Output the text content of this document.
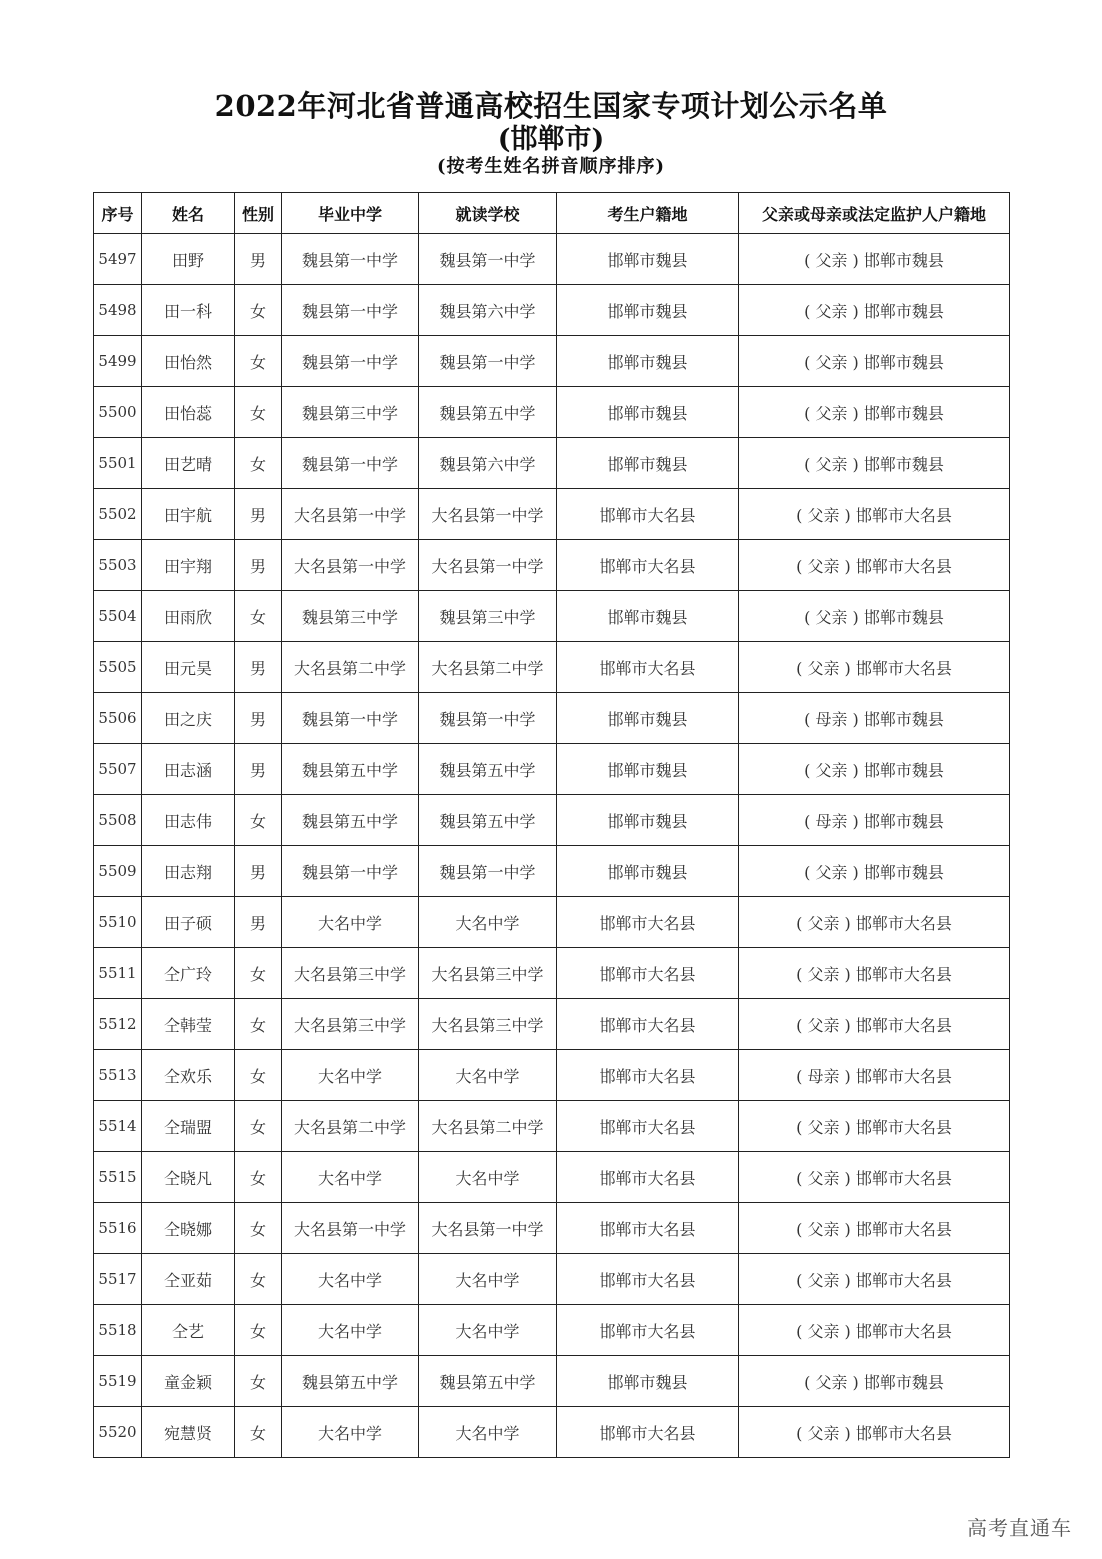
2022年河北省普通高校招生国家专项计划公示名单
(邯郸市)
(按考生姓名拼音顺序排序)
序号	姓名	性别	毕业中学	就读学校	考生户籍地	父亲或母亲或法定监护人户籍地
5497	田野	男	魏县第一中学	魏县第一中学	邯郸市魏县	( 父亲 ) 邯郸市魏县
5498	田一科	女	魏县第一中学	魏县第六中学	邯郸市魏县	( 父亲 ) 邯郸市魏县
5499	田怡然	女	魏县第一中学	魏县第一中学	邯郸市魏县	( 父亲 ) 邯郸市魏县
5500	田怡蕊	女	魏县第三中学	魏县第五中学	邯郸市魏县	( 父亲 ) 邯郸市魏县
5501	田艺晴	女	魏县第一中学	魏县第六中学	邯郸市魏县	( 父亲 ) 邯郸市魏县
5502	田宇航	男	大名县第一中学	大名县第一中学	邯郸市大名县	( 父亲 ) 邯郸市大名县
5503	田宇翔	男	大名县第一中学	大名县第一中学	邯郸市大名县	( 父亲 ) 邯郸市大名县
5504	田雨欣	女	魏县第三中学	魏县第三中学	邯郸市魏县	( 父亲 ) 邯郸市魏县
5505	田元昊	男	大名县第二中学	大名县第二中学	邯郸市大名县	( 父亲 ) 邯郸市大名县
5506	田之庆	男	魏县第一中学	魏县第一中学	邯郸市魏县	( 母亲 ) 邯郸市魏县
5507	田志涵	男	魏县第五中学	魏县第五中学	邯郸市魏县	( 父亲 ) 邯郸市魏县
5508	田志伟	女	魏县第五中学	魏县第五中学	邯郸市魏县	( 母亲 ) 邯郸市魏县
5509	田志翔	男	魏县第一中学	魏县第一中学	邯郸市魏县	( 父亲 ) 邯郸市魏县
5510	田子硕	男	大名中学	大名中学	邯郸市大名县	( 父亲 ) 邯郸市大名县
5511	仝广玲	女	大名县第三中学	大名县第三中学	邯郸市大名县	( 父亲 ) 邯郸市大名县
5512	仝韩莹	女	大名县第三中学	大名县第三中学	邯郸市大名县	( 父亲 ) 邯郸市大名县
5513	仝欢乐	女	大名中学	大名中学	邯郸市大名县	( 母亲 ) 邯郸市大名县
5514	仝瑞盟	女	大名县第二中学	大名县第二中学	邯郸市大名县	( 父亲 ) 邯郸市大名县
5515	仝晓凡	女	大名中学	大名中学	邯郸市大名县	( 父亲 ) 邯郸市大名县
5516	仝晓娜	女	大名县第一中学	大名县第一中学	邯郸市大名县	( 父亲 ) 邯郸市大名县
5517	仝亚茹	女	大名中学	大名中学	邯郸市大名县	( 父亲 ) 邯郸市大名县
5518	仝艺	女	大名中学	大名中学	邯郸市大名县	( 父亲 ) 邯郸市大名县
5519	童金颖	女	魏县第五中学	魏县第五中学	邯郸市魏县	( 父亲 ) 邯郸市魏县
5520	宛慧贤	女	大名中学	大名中学	邯郸市大名县	( 父亲 ) 邯郸市大名县
高考直通车
